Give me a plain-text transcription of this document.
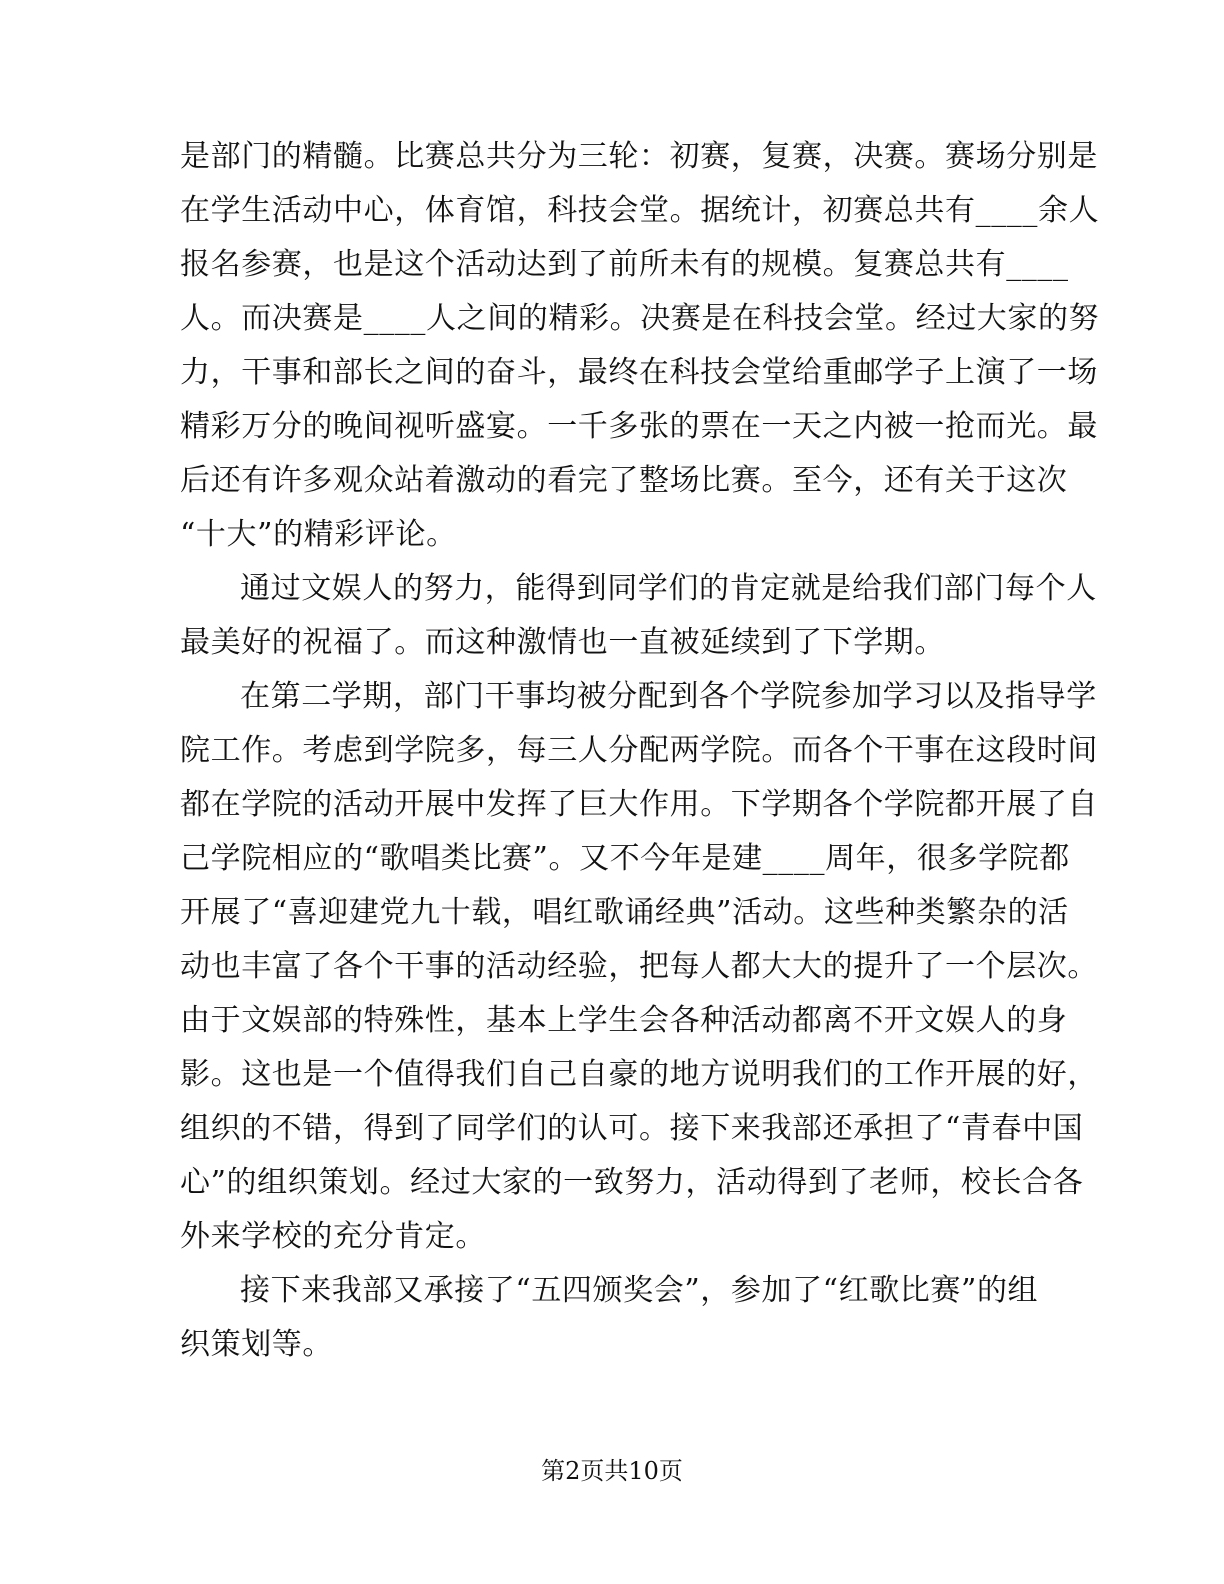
是部门的精髓。比赛总共分为三轮：初赛，复赛，决赛。赛场分别是
在学生活动中心，体育馆，科技会堂。据统计，初赛总共有____余人
报名参赛，也是这个活动达到了前所未有的规模。复赛总共有____
人。而决赛是____人之间的精彩。决赛是在科技会堂。经过大家的努
力，干事和部长之间的奋斗，最终在科技会堂给重邮学子上演了一场
精彩万分的晚间视听盛宴。一千多张的票在一天之内被一抢而光。最
后还有许多观众站着激动的看完了整场比赛。至今，还有关于这次
“十大”的精彩评论。
通过文娱人的努力，能得到同学们的肯定就是给我们部门每个人
最美好的祝福了。而这种激情也一直被延续到了下学期。
在第二学期，部门干事均被分配到各个学院参加学习以及指导学
院工作。考虑到学院多，每三人分配两学院。而各个干事在这段时间
都在学院的活动开展中发挥了巨大作用。下学期各个学院都开展了自
己学院相应的“歌唱类比赛”。又不今年是建____周年，很多学院都
开展了“喜迎建党九十载，唱红歌诵经典”活动。这些种类繁杂的活
动也丰富了各个干事的活动经验，把每人都大大的提升了一个层次。
由于文娱部的特殊性，基本上学生会各种活动都离不开文娱人的身
影。这也是一个值得我们自己自豪的地方说明我们的工作开展的好，
组织的不错，得到了同学们的认可。接下来我部还承担了“青春中国
心”的组织策划。经过大家的一致努力，活动得到了老师，校长合各
外来学校的充分肯定。
接下来我部又承接了“五四颁奖会”，参加了“红歌比赛”的组
织策划等。
第2页共10页
